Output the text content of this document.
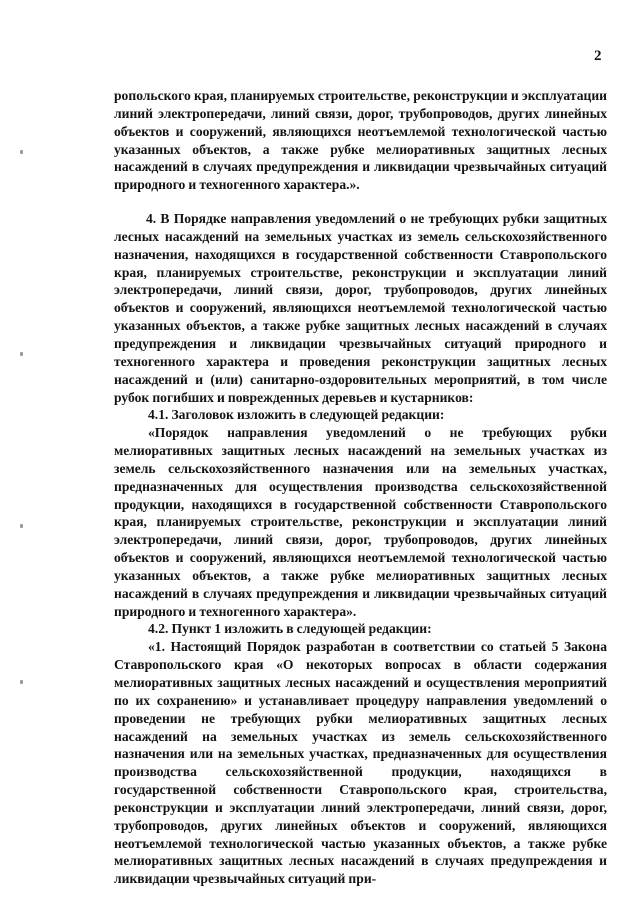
2

ропольского края, планируемых строительстве, реконструкции и эксплуатации линий электропередачи, линий связи, дорог, трубопроводов, других линейных объектов и сооружений, являющихся неотъемлемой технологической частью указанных объектов, а также рубке мелиоративных защитных лесных насаждений в случаях предупреждения и ликвидации чрезвычайных ситуаций природного и техногенного характера.».

4. В Порядке направления уведомлений о не требующих рубки защитных лесных насаждений на земельных участках из земель сельскохозяйственного назначения, находящихся в государственной собственности Ставропольского края, планируемых строительстве, реконструкции и эксплуатации линий электропередачи, линий связи, дорог, трубопроводов, других линейных объектов и сооружений, являющихся неотъемлемой технологической частью указанных объектов, а также рубке защитных лесных насаждений в случаях предупреждения и ликвидации чрезвычайных ситуаций природного и техногенного характера и проведения реконструкции защитных лесных насаждений и (или) санитарно-оздоровительных мероприятий, в том числе рубок погибших и поврежденных деревьев и кустарников:

4.1. Заголовок изложить в следующей редакции:

«Порядок направления уведомлений о не требующих рубки мелиоративных защитных лесных насаждений на земельных участках из земель сельскохозяйственного назначения или на земельных участках, предназначенных для осуществления производства сельскохозяйственной продукции, находящихся в государственной собственности Ставропольского края, планируемых строительстве, реконструкции и эксплуатации линий электропередачи, линий связи, дорог, трубопроводов, других линейных объектов и сооружений, являющихся неотъемлемой технологической частью указанных объектов, а также рубке мелиоративных защитных лесных насаждений в случаях предупреждения и ликвидации чрезвычайных ситуаций природного и техногенного характера».

4.2. Пункт 1 изложить в следующей редакции:

«1. Настоящий Порядок разработан в соответствии со статьей 5 Закона Ставропольского края «О некоторых вопросах в области содержания мелиоративных защитных лесных насаждений и осуществления мероприятий по их сохранению» и устанавливает процедуру направления уведомлений о проведении не требующих рубки мелиоративных защитных лесных насаждений на земельных участках из земель сельскохозяйственного назначения или на земельных участках, предназначенных для осуществления производства сельскохозяйственной продукции, находящихся в государственной собственности Ставропольского края, строительства, реконструкции и эксплуатации линий электропередачи, линий связи, дорог, трубопроводов, других линейных объектов и сооружений, являющихся неотъемлемой технологической частью указанных объектов, а также рубке мелиоративных защитных лесных насаждений в случаях предупреждения и ликвидации чрезвычайных ситуаций при-
